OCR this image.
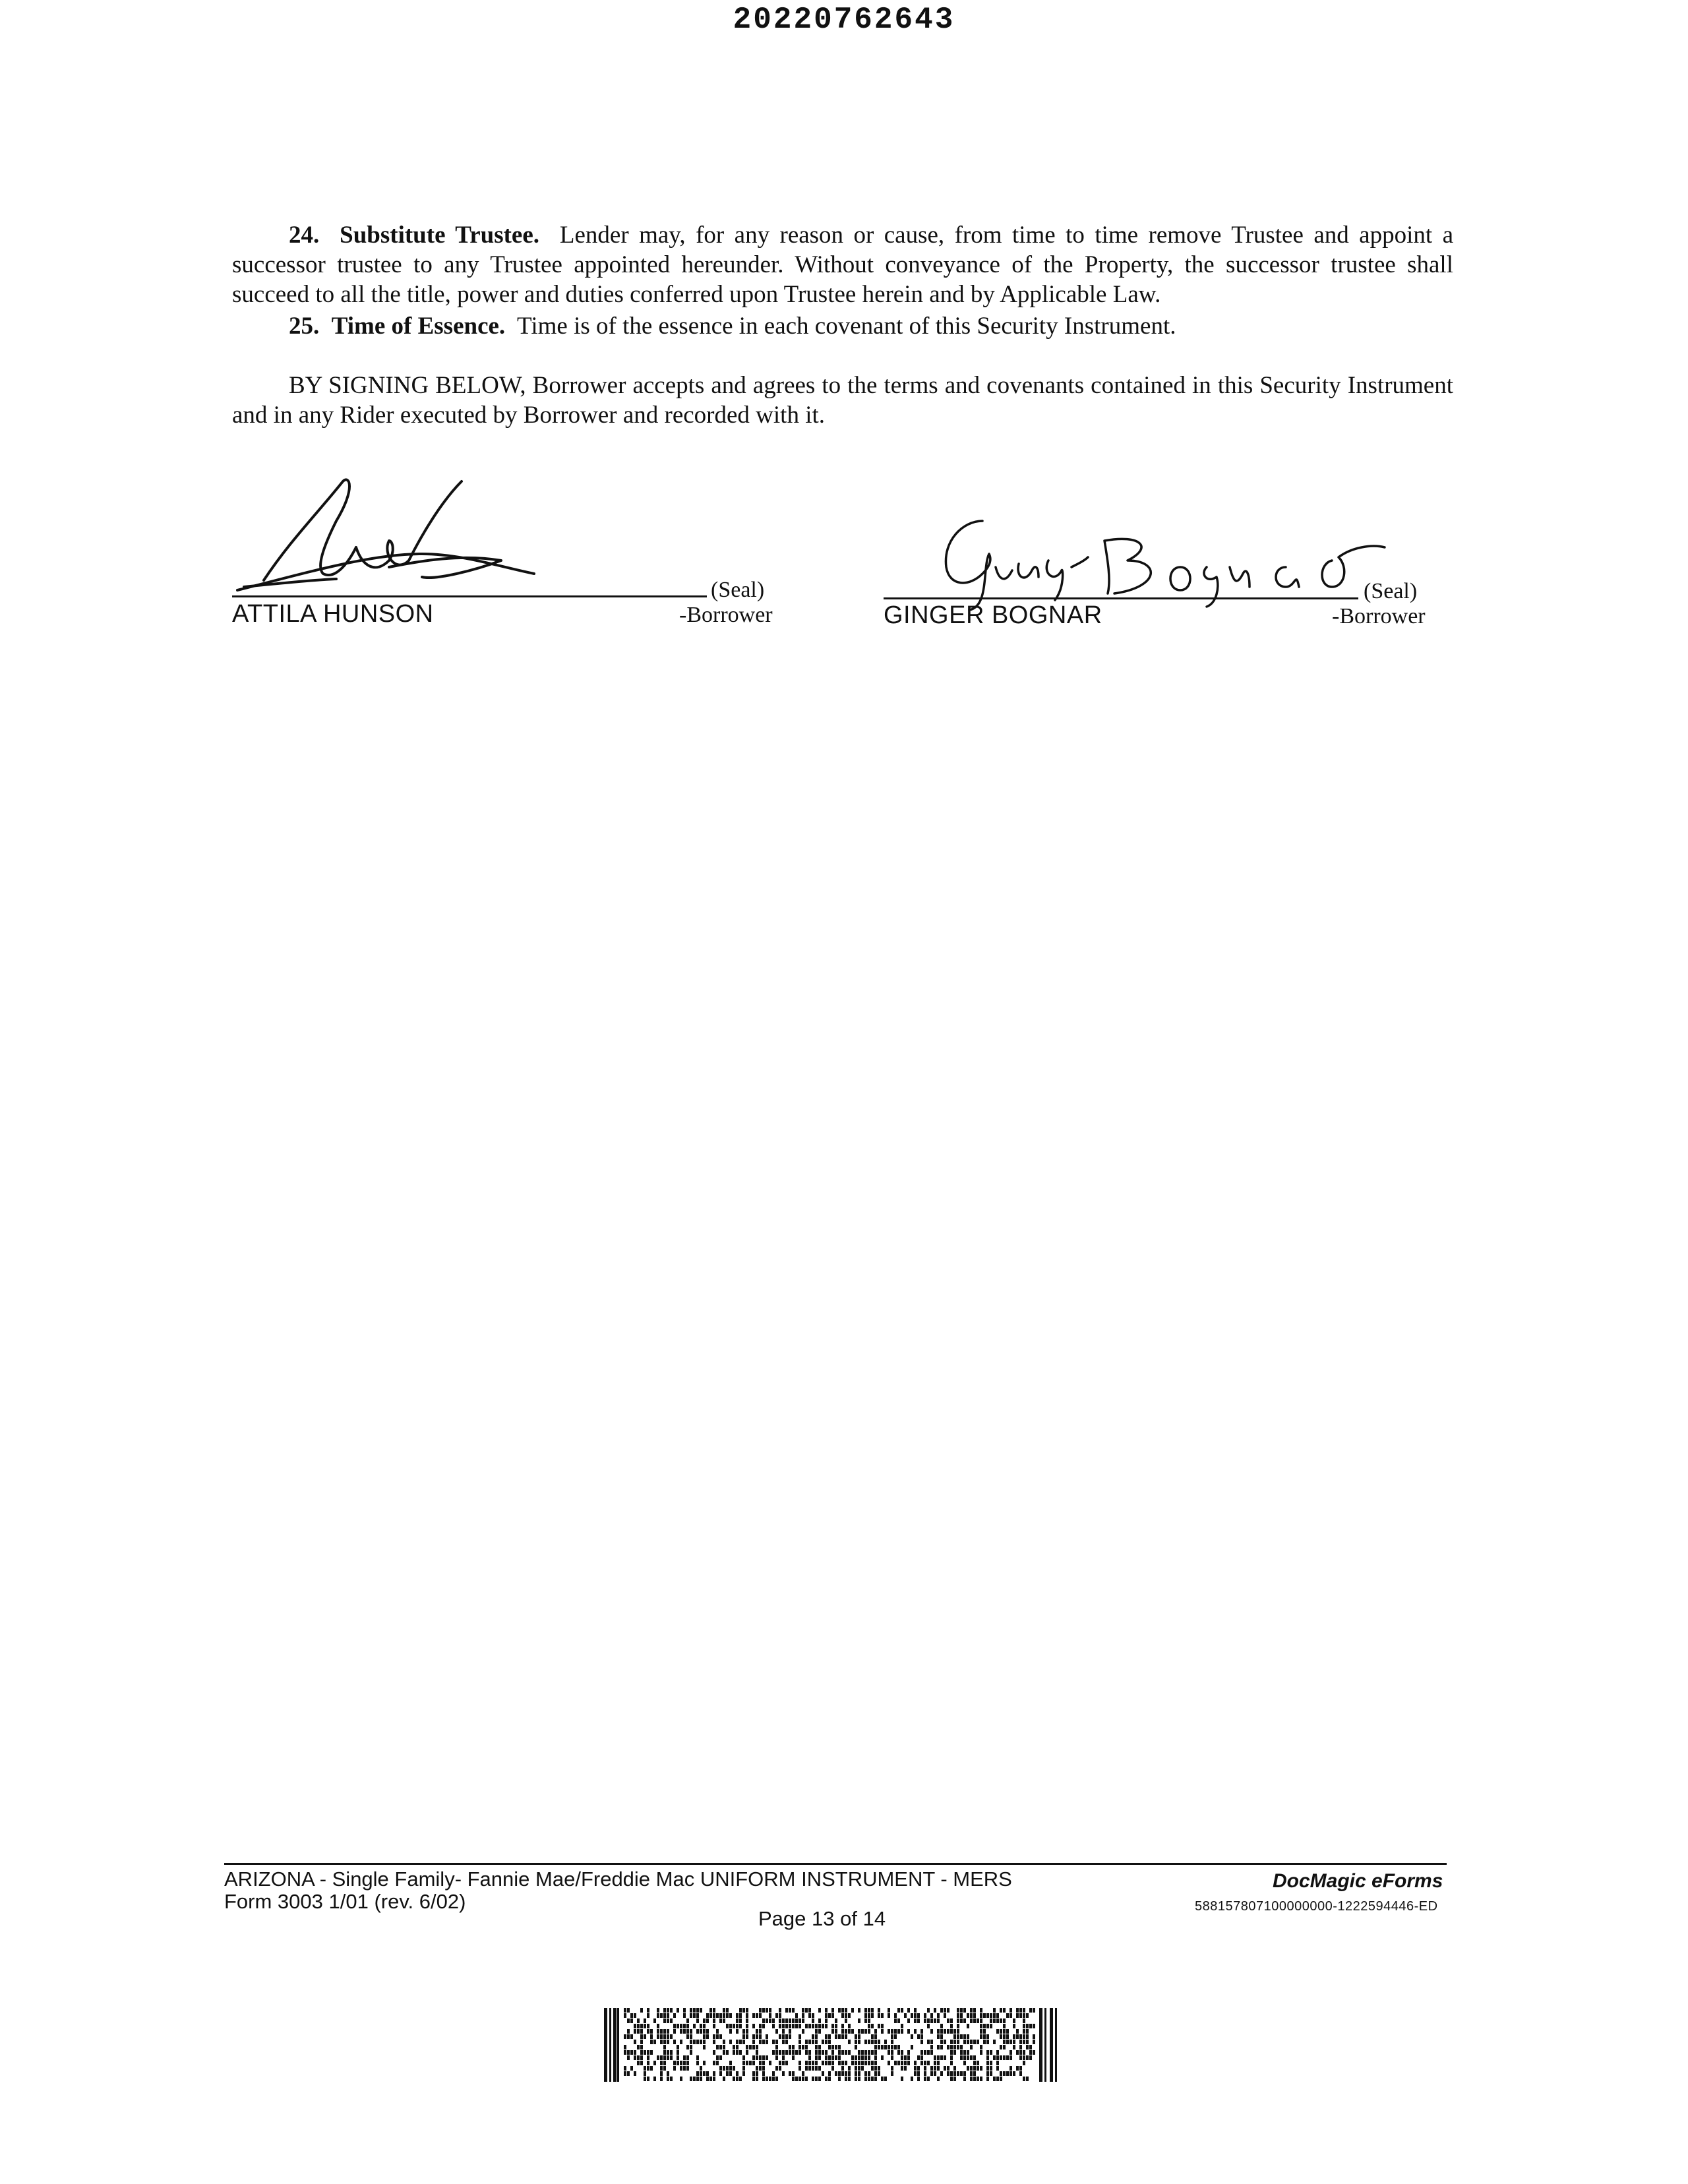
20220762643

24. Substitute Trustee. Lender may, for any reason or cause, from time to time remove Trustee and appoint a successor trustee to any Trustee appointed hereunder. Without conveyance of the Property, the successor trustee shall succeed to all the title, power and duties conferred upon Trustee herein and by Applicable Law.

25. Time of Essence. Time is of the essence in each covenant of this Security Instrument.

BY SIGNING BELOW, Borrower accepts and agrees to the terms and covenants contained in this Security Instrument and in any Rider executed by Borrower and recorded with it.

(Seal)
ATTILA HUNSON	-Borrower
(Seal)
GINGER BOGNAR	-Borrower
ARIZONA - Single Family- Fannie Mae/Freddie Mac UNIFORM INSTRUMENT - MERS
Form 3003 1/01 (rev. 6/02)
Page 13 of 14
DocMagic eForms
588157807100000000-1222594446-ED
